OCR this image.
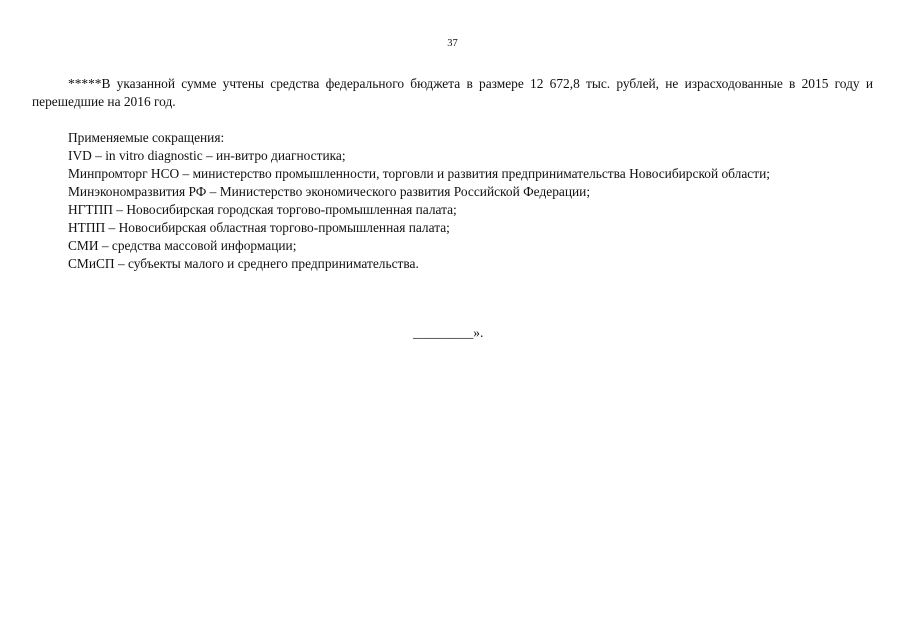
37

*****В указанной сумме учтены средства федерального бюджета в размере 12 672,8 тыс. рублей, не израсходованные в 2015 году и перешедшие на 2016 год.

Применяемые сокращения:

IVD – in vitro diagnostic – ин-витро диагностика;

Минпромторг НСО – министерство промышленности, торговли и развития предпринимательства Новосибирской области;

Минэкономразвития РФ – Министерство экономического развития Российской Федерации;

НГТПП – Новосибирская городская торгово-промышленная палата;

НТПП – Новосибирская областная торгово-промышленная палата;

СМИ – средства массовой информации;

СМиСП – субъекты малого и среднего предпринимательства.

_________».
